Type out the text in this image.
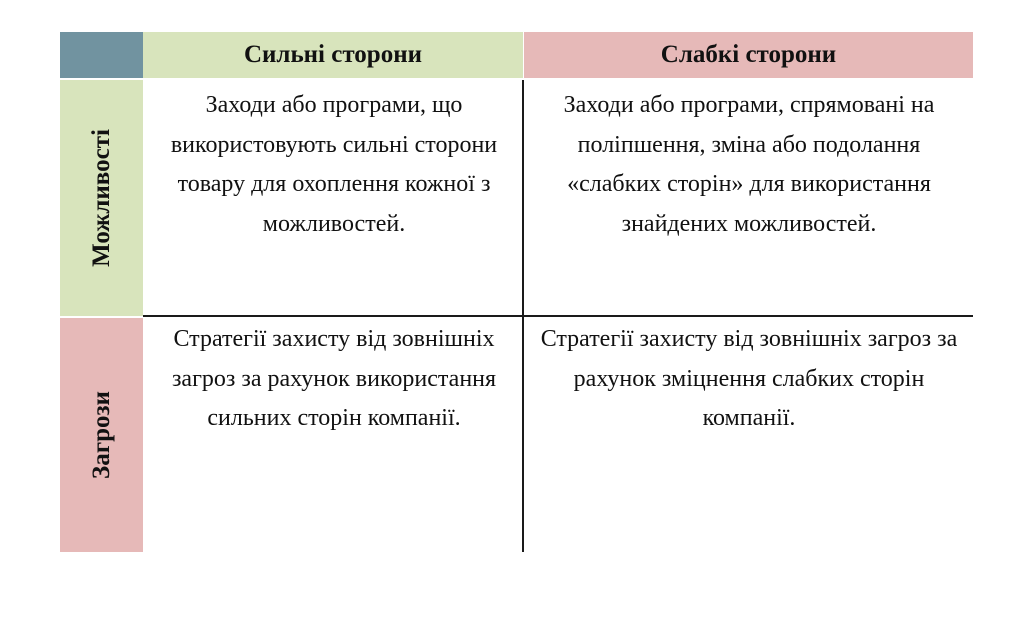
Сильні сторони	Слабкі сторони
Можливості
Загрози
Заходи або програми, що використовують сильні сторони товару для охоплення кожної з можливостей.
Заходи або програми, спрямовані на поліпшення, зміна або подолання «слабких сторін» для використання знайдених можливостей.
Стратегії захисту від зовнішніх загроз за рахунок використання сильних сторін компанії.
Стратегії захисту від зовнішніх загроз за рахунок зміцнення слабких сторін компанії.
